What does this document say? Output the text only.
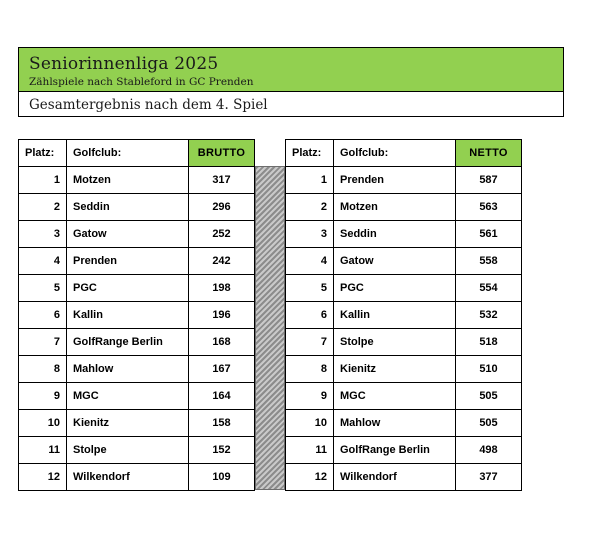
Seniorinnenliga 2025
Zählspiele nach Stableford in GC Prenden
Gesamtergebnis nach dem 4. Spiel
Platz:	Golfclub:	BRUTTO
1	Motzen	317
2	Seddin	296
3	Gatow	252
4	Prenden	242
5	PGC	198
6	Kallin	196
7	GolfRange Berlin	168
8	Mahlow	167
9	MGC	164
10	Kienitz	158
11	Stolpe	152
12	Wilkendorf	109
Platz:	Golfclub:	NETTO
1	Prenden	587
2	Motzen	563
3	Seddin	561
4	Gatow	558
5	PGC	554
6	Kallin	532
7	Stolpe	518
8	Kienitz	510
9	MGC	505
10	Mahlow	505
11	GolfRange Berlin	498
12	Wilkendorf	377
